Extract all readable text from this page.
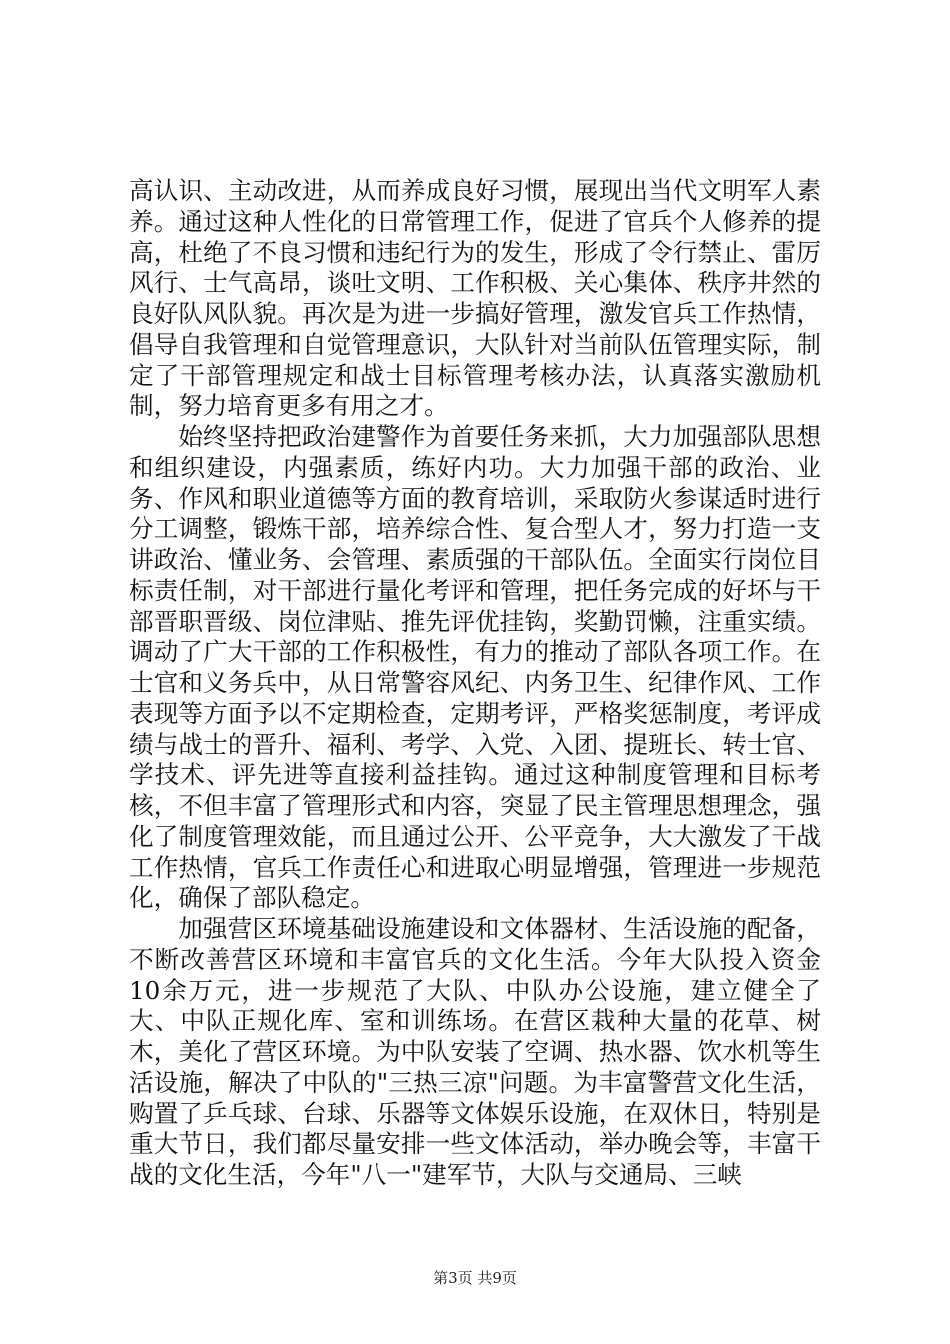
高认识、主动改进，从而养成良好习惯，展现出当代文明军人素养。通过这种人性化的日常管理工作，促进了官兵个人修养的提高，杜绝了不良习惯和违纪行为的发生，形成了令行禁止、雷厉风行、士气高昂，谈吐文明、工作积极、关心集体、秩序井然的良好队风队貌。再次是为进一步搞好管理，激发官兵工作热情，倡导自我管理和自觉管理意识，大队针对当前队伍管理实际，制定了干部管理规定和战士目标管理考核办法，认真落实激励机制，努力培育更多有用之才。

始终坚持把政治建警作为首要任务来抓，大力加强部队思想和组织建设，内强素质，练好内功。大力加强干部的政治、业务、作风和职业道德等方面的教育培训，采取防火参谋适时进行分工调整，锻炼干部，培养综合性、复合型人才，努力打造一支讲政治、懂业务、会管理、素质强的干部队伍。全面实行岗位目标责任制，对干部进行量化考评和管理，把任务完成的好坏与干部晋职晋级、岗位津贴、推先评优挂钩，奖勤罚懒，注重实绩。调动了广大干部的工作积极性，有力的推动了部队各项工作。在士官和义务兵中，从日常警容风纪、内务卫生、纪律作风、工作表现等方面予以不定期检查，定期考评，严格奖惩制度，考评成绩与战士的晋升、福利、考学、入党、入团、提班长、转士官、学技术、评先进等直接利益挂钩。通过这种制度管理和目标考核，不但丰富了管理形式和内容，突显了民主管理思想理念，强化了制度管理效能，而且通过公开、公平竞争，大大激发了干战工作热情，官兵工作责任心和进取心明显增强，管理进一步规范化，确保了部队稳定。

加强营区环境基础设施建设和文体器材、生活设施的配备，不断改善营区环境和丰富官兵的文化生活。今年大队投入资金10余万元，进一步规范了大队、中队办公设施，建立健全了大、中队正规化库、室和训练场。在营区栽种大量的花草、树木，美化了营区环境。为中队安装了空调、热水器、饮水机等生活设施，解决了中队的"三热三凉"问题。为丰富警营文化生活，购置了乒乓球、台球、乐器等文体娱乐设施，在双休日，特别是重大节日，我们都尽量安排一些文体活动，举办晚会等，丰富干战的文化生活，今年"八一"建军节，大队与交通局、三峡

第3页 共9页
